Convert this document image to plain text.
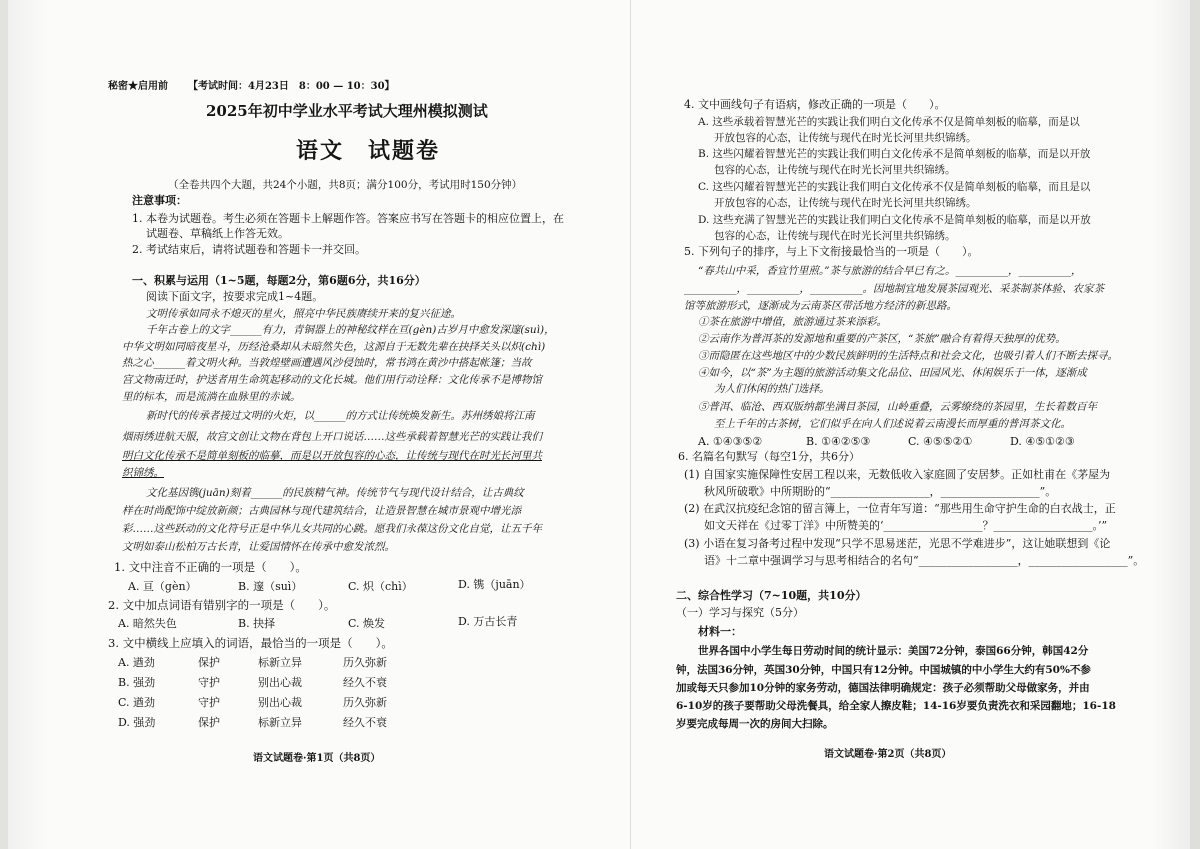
秘密★启用前 【考试时间：4月23日　8：00 — 10：30】
2025年初中学业水平考试大理州模拟测试
语文　试题卷
（全卷共四个大题，共24个小题，共8页；满分100分，考试用时150分钟）
注意事项：
1. 本卷为试题卷。考生必须在答题卡上解题作答。答案应书写在答题卡的相应位置上，在
试题卷、草稿纸上作答无效。
2. 考试结束后，请将试题卷和答题卡一并交回。
一、积累与运用（1~5题，每题2分，第6题6分，共16分）
阅读下面文字，按要求完成1~4题。
文明传承如同永不熄灭的星火，照亮中华民族赓续开来的复兴征途。
千年古卷上的文字______有力，青铜器上的神秘纹样在亘(gèn)古岁月中愈发深邃(suì)，
中华文明如同暗夜星斗，历经沧桑却从未暗然失色，这源自于无数先辈在抉择关头以炽(chì)
热之心______着文明火种。当敦煌壁画遭遇风沙侵蚀时，常书鸿在黄沙中搭起帐篷；当故
宫文物南迁时，护送者用生命筑起移动的文化长城。他们用行动诠释：文化传承不是博物馆
里的标本，而是流淌在血脉里的赤诚。
新时代的传承者接过文明的火炬，以______的方式让传统焕发新生。苏州绣娘将江南
烟雨绣进航天服，故宫文创让文物在背包上开口说话……这些承载着智慧光芒的实践让我们
明白文化传承不是简单刻板的临摹，而是以开放包容的心态，让传统与现代在时光长河里共
织锦绣。
文化基因镌(juān)刻着______的民族精气神。传统节气与现代设计结合，让古典纹
样在时尚配饰中绽放新颜；古典园林与现代建筑结合，让造景智慧在城市景观中增光添
彩……这些跃动的文化符号正是中华儿女共同的心跳。愿我们永葆这份文化自觉，让五千年
文明如泰山松柏万古长青，让爱国情怀在传承中愈发浓烈。
1. 文中注音不正确的一项是（　　）。
A. 亘（gèn）	B. 邃（suì）	C. 炽（chì）	D. 镌（juān）
2. 文中加点词语有错别字的一项是（　　）。
A. 暗然失色	B. 抉择	C. 焕发	D. 万古长青
3. 文中横线上应填入的词语，最恰当的一项是（　　）。
A. 遒劲	保护	标新立异	历久弥新
B. 强劲	守护	别出心裁	经久不衰
C. 遒劲	守护	别出心裁	历久弥新
D. 强劲	保护	标新立异	经久不衰
语文试题卷·第1页（共8页）
4. 文中画线句子有语病，修改正确的一项是（　　）。
A. 这些承载着智慧光芒的实践让我们明白文化传承不仅是简单刻板的临摹，而是以
开放包容的心态，让传统与现代在时光长河里共织锦绣。
B. 这些闪耀着智慧光芒的实践让我们明白文化传承不是简单刻板的临摹，而是以开放
包容的心态，让传统与现代在时光长河里共织锦绣。
C. 这些闪耀着智慧光芒的实践让我们明白文化传承不仅是简单刻板的临摹，而且是以
开放包容的心态，让传统与现代在时光长河里共织锦绣。
D. 这些充满了智慧光芒的实践让我们明白文化传承不是简单刻板的临摹，而是以开放
包容的心态，让传统与现代在时光长河里共织锦绣。
5. 下列句子的排序，与上下文衔接最恰当的一项是（　　）。
“春共山中采，香宜竹里煎。”茶与旅游的结合早已有之。__________，__________，
__________，__________，__________。因地制宜地发展茶园观光、采茶制茶体验、农家茶
馆等旅游形式，逐渐成为云南茶区带活地方经济的新思路。
①茶在旅游中增值，旅游通过茶来添彩。
②云南作为普洱茶的发源地和重要的产茶区，“茶旅”融合有着得天独厚的优势。
③而隐匿在这些地区中的少数民族鲜明的生活特点和社会文化，也吸引着人们不断去探寻。
④如今，以“茶”为主题的旅游活动集文化品位、田园风光、休闲娱乐于一体，逐渐成
为人们休闲的热门选择。
⑤普洱、临沧、西双版纳都坐满目茶园，山岭重叠，云雾缭绕的茶园里，生长着数百年
至上千年的古茶树，它们似乎在向人们述说着云南漫长而厚重的普洱茶文化。
A. ①④③⑤②	B. ①④②⑤③	C. ④⑤⑤②①	D. ④⑤①②③
6. 名篇名句默写（每空1分，共6分）
(1) 自国家实施保障性安居工程以来，无数低收入家庭圆了安居梦。正如杜甫在《茅屋为
秋风所破歌》中所期盼的“__________________，__________________”。
(2) 在武汉抗疫纪念馆的留言簿上，一位青年写道：“那些用生命守护生命的白衣战士，正
如文天祥在《过零丁洋》中所赞美的‘__________________？__________________。’”
(3) 小语在复习备考过程中发现“只学不思易迷茫，光思不学难进步”，这让她联想到《论
语》十二章中强调学习与思考相结合的名句“__________________，__________________”。
二、综合性学习（7~10题，共10分）
（一）学习与探究（5分）
材料一：
世界各国中小学生每日劳动时间的统计显示：美国72分钟，泰国66分钟，韩国42分
钟，法国36分钟，英国30分钟，中国只有12分钟。中国城镇的中小学生大约有50%不参
加或每天只参加10分钟的家务劳动，德国法律明确规定：孩子必须帮助父母做家务，并由
6-10岁的孩子要帮助父母洗餐具，给全家人擦皮鞋；14-16岁要负责洗衣和采园翻地；16-18
岁要完成每周一次的房间大扫除。
语文试题卷·第2页（共8页）
